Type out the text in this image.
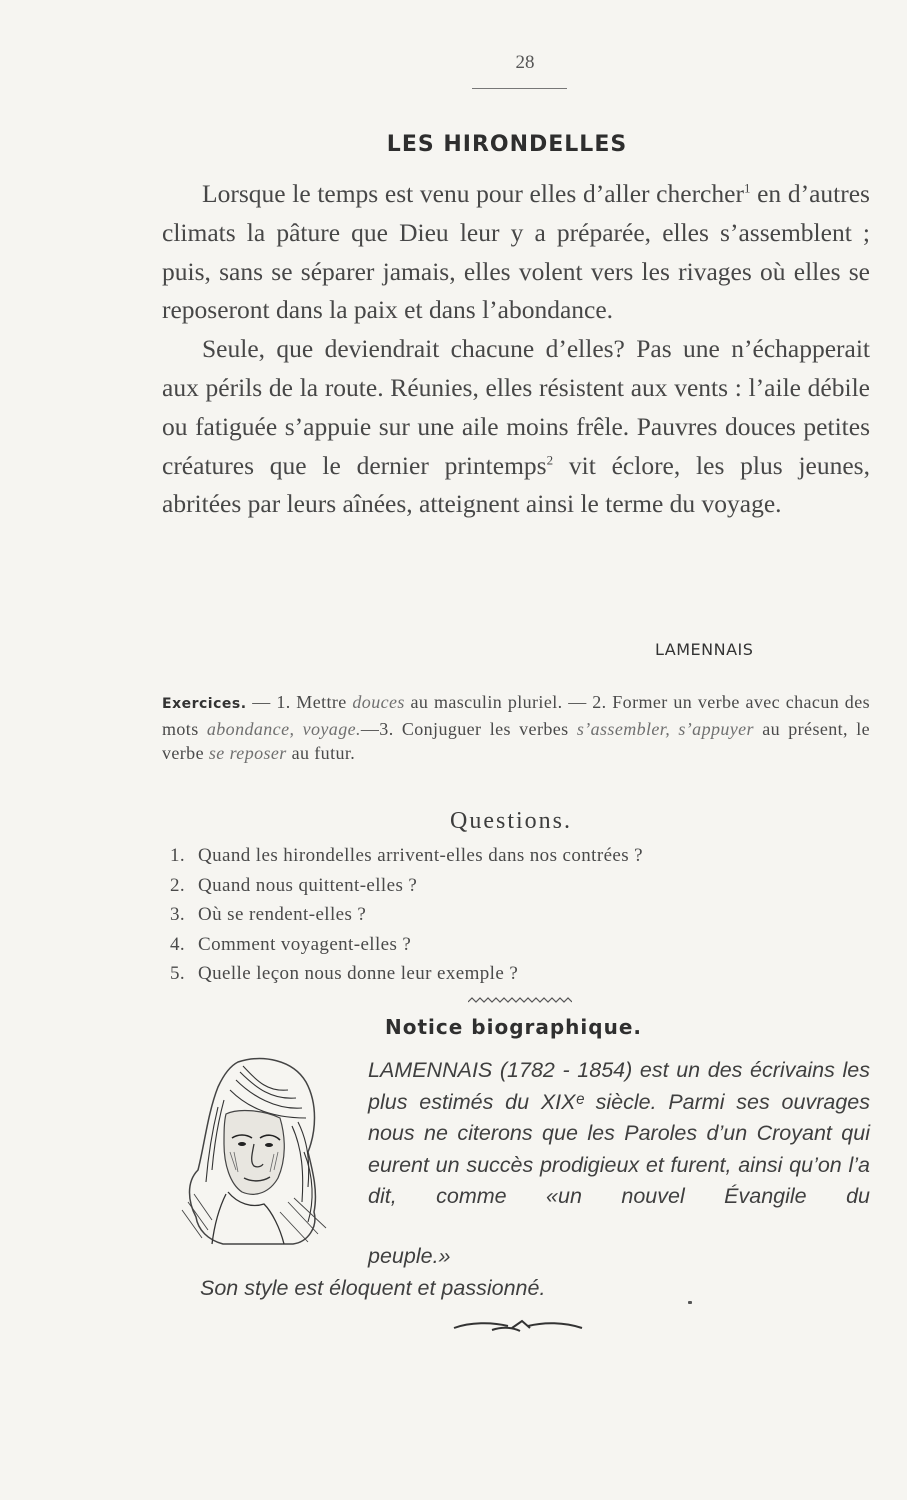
28
LES HIRONDELLES

Lorsque le temps est venu pour elles d’aller chercher$^1$ en d’autres climats la pâture que Dieu leur y a préparée, elles s’assemblent ; puis, sans se séparer jamais, elles volent vers les rivages où elles se reposeront dans la paix et dans l’abondance.

Seule, que deviendrait chacune d’elles? Pas une n’échapperait aux périls de la route. Réunies, elles résistent aux vents : l’aile débile ou fatiguée s’appuie sur une aile moins frêle. Pauvres douces petites créatures que le dernier printemps$^2$ vit éclore, les plus jeunes, abritées par leurs aînées, atteignent ainsi le terme du voyage.

LAMENNAIS
Exercices. — 1. Mettre douces au masculin pluriel. — 2. Former un verbe avec chacun des mots abondance, voyage.—3. Conjuguer les verbes s’assembler, s’appuyer au présent, le verbe se reposer au futur.
Questions.
1. Quand les hirondelles arrivent-elles dans nos contrées ?
2. Quand nous quittent-elles ?
3. Où se rendent-elles ?
4. Comment voyagent-elles ?
5. Quelle leçon nous donne leur exemple ?
Notice biographique.

LAMENNAIS (1782 - 1854) est un des écrivains les plus estimés du XIXᵉ siècle. Parmi ses ouvrages nous ne citerons que les Paroles d’un Croyant qui eurent un succès prodigieux et furent, ainsi qu’on l’a dit, comme «un nouvel Évangile du

peuple.»
Son style est éloquent et passionné.
